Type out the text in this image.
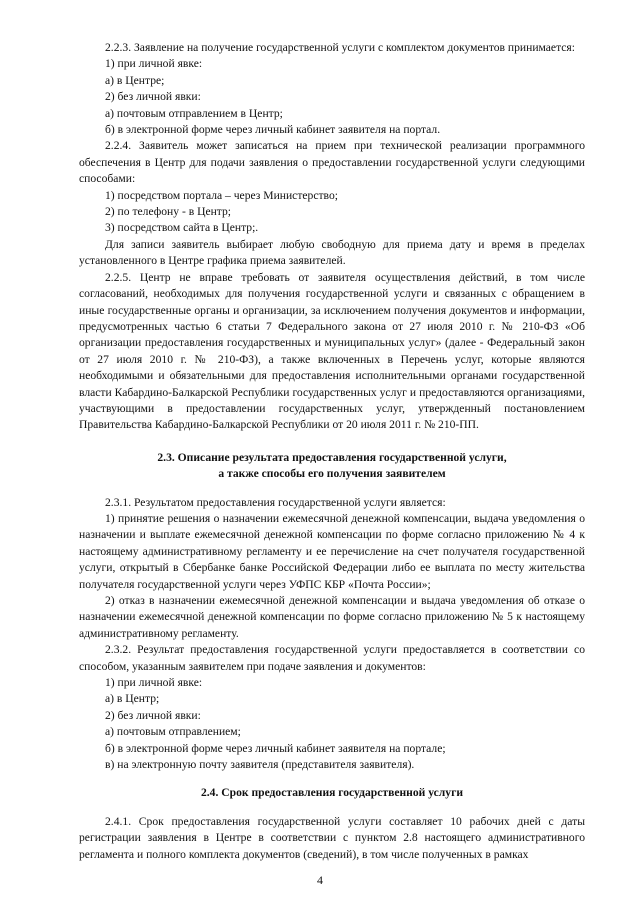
2.2.3. Заявление на получение государственной услуги с комплектом документов принимается:

1) при личной явке:

а) в Центре;

2) без личной явки:

а) почтовым отправлением в Центр;

б) в электронной форме через личный кабинет заявителя на портал.

2.2.4. Заявитель может записаться на прием при технической реализации программного обеспечения в Центр для подачи заявления о предоставлении государственной услуги следующими способами:

1) посредством портала – через Министерство;

2) по телефону - в Центр;

3) посредством сайта в Центр;.

Для записи заявитель выбирает любую свободную для приема дату и время в пределах установленного в Центре графика приема заявителей.

2.2.5. Центр не вправе требовать от заявителя осуществления действий, в том числе согласований, необходимых для получения государственной услуги и связанных с обращением в иные государственные органы и организации, за исключением получения документов и информации, предусмотренных частью 6 статьи 7 Федерального закона от 27 июля 2010 г. № 210-ФЗ «Об организации предоставления государственных и муниципальных услуг» (далее - Федеральный закон от 27 июля 2010 г. № 210-ФЗ), а также включенных в Перечень услуг, которые являются необходимыми и обязательными для предоставления исполнительными органами государственной власти Кабардино-Балкарской Республики государственных услуг и предоставляются организациями, участвующими в предоставлении государственных услуг, утвержденный постановлением Правительства Кабардино-Балкарской Республики от 20 июля 2011 г. № 210-ПП.

2.3. Описание результата предоставления государственной услуги,

а также способы его получения заявителем

2.3.1. Результатом предоставления государственной услуги является:

1) принятие решения о назначении ежемесячной денежной компенсации, выдача уведомления о назначении и выплате ежемесячной денежной компенсации по форме согласно приложению № 4 к настоящему административному регламенту и ее перечисление на счет получателя государственной услуги, открытый в Сбербанке банке Российской Федерации либо ее выплата по месту жительства получателя государственной услуги через УФПС КБР «Почта России»;

2) отказ в назначении ежемесячной денежной компенсации и выдача уведомления об отказе о назначении ежемесячной денежной компенсации по форме согласно приложению № 5 к настоящему административному регламенту.

2.3.2. Результат предоставления государственной услуги предоставляется в соответствии со способом, указанным заявителем при подаче заявления и документов:

1) при личной явке:

а) в Центр;

2) без личной явки:

а) почтовым отправлением;

б) в электронной форме через личный кабинет заявителя на портале;

в) на электронную почту заявителя (представителя заявителя).

2.4. Срок предоставления государственной услуги

2.4.1. Срок предоставления государственной услуги составляет 10 рабочих дней с даты регистрации заявления в Центре в соответствии с пунктом 2.8 настоящего административного регламента и полного комплекта документов (сведений), в том числе полученных в рамках

4
